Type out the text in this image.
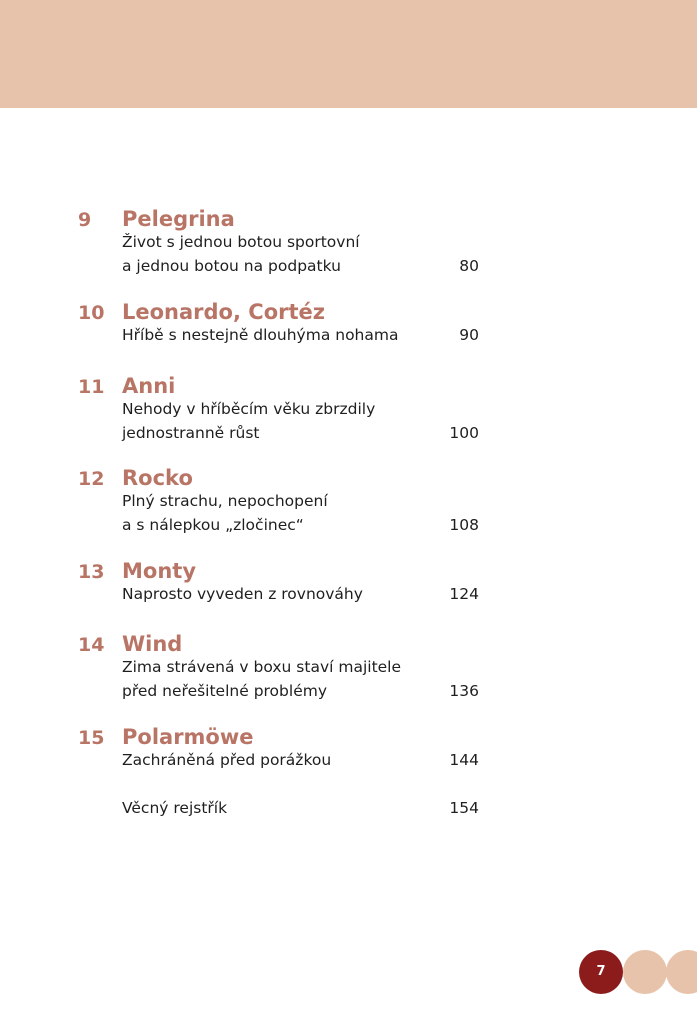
9 Pelegrina
Život s jednou botou sportovní
a jednou botou na podpatku	80
10 Leonardo, Cortéz
Hříbě s nestejně dlouhýma nohama	90
11 Anni
Nehody v hříběcím věku zbrzdily
jednostranně růst	100
12 Rocko
Plný strachu, nepochopení
a s nálepkou „zločinec“	108
13 Monty
Naprosto vyveden z rovnováhy	124
14 Wind
Zima strávená v boxu staví majitele
před neřešitelné problémy	136
15 Polarmöwe
Zachráněná před porážkou	144
Věcný rejstřík	154
7
